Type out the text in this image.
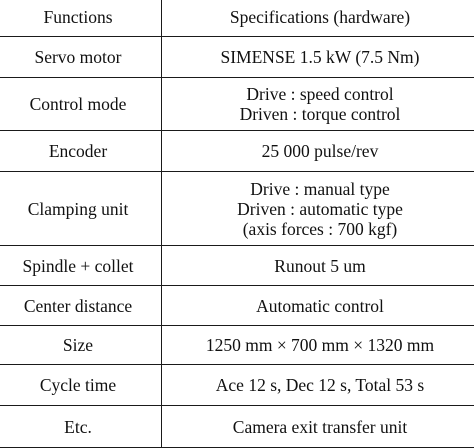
Functions	Specifications (hardware)
Servo motor	SIMENSE 1.5 kW (7.5 Nm)

Control mode	Drive : speed control
Driven : torque control

Encoder	25 000 pulse/rev

Clamping unit	Drive : manual type
Driven : automatic type
(axis forces : 700 kgf)

Spindle + collet	Runout 5 um

Center distance	Automatic control

Size	1250 mm × 700 mm × 1320 mm

Cycle time	Ace 12 s, Dec 12 s, Total 53 s

Etc.	Camera exit transfer unit
